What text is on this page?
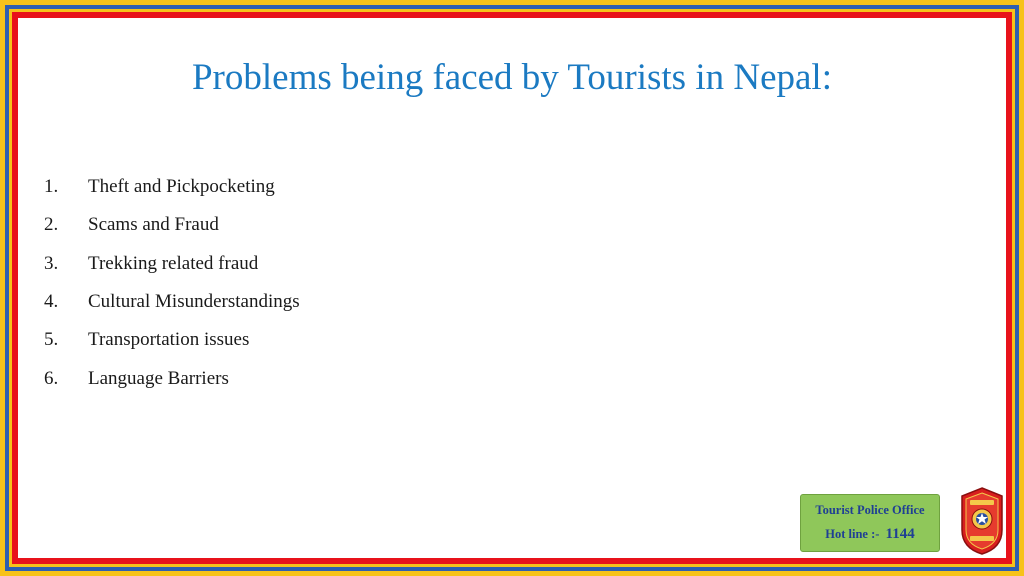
Problems being faced by Tourists in Nepal:
1.	Theft and Pickpocketing
2.	Scams and Fraud
3.	Trekking related fraud
4.	Cultural Misunderstandings
5.	Transportation issues
6.	Language Barriers
Tourist Police Office
Hot line :- 1144
